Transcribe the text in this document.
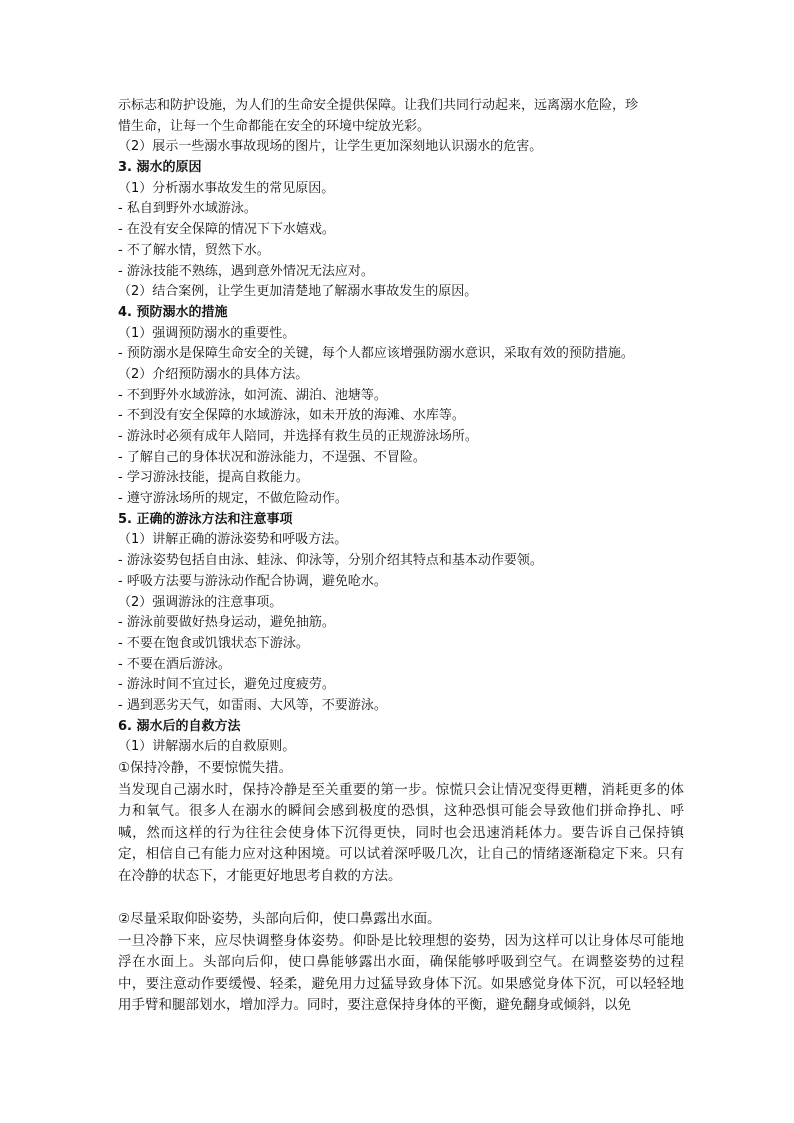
示标志和防护设施，为人们的生命安全提供保障。让我们共同行动起来，远离溺水危险，珍
惜生命，让每一个生命都能在安全的环境中绽放光彩。
（2）展示一些溺水事故现场的图片，让学生更加深刻地认识溺水的危害。
3. 溺水的原因
（1）分析溺水事故发生的常见原因。
- 私自到野外水域游泳。
- 在没有安全保障的情况下下水嬉戏。
- 不了解水情，贸然下水。
- 游泳技能不熟练，遇到意外情况无法应对。
（2）结合案例，让学生更加清楚地了解溺水事故发生的原因。
4. 预防溺水的措施
（1）强调预防溺水的重要性。
- 预防溺水是保障生命安全的关键，每个人都应该增强防溺水意识，采取有效的预防措施。
（2）介绍预防溺水的具体方法。
- 不到野外水域游泳，如河流、湖泊、池塘等。
- 不到没有安全保障的水域游泳，如未开放的海滩、水库等。
- 游泳时必须有成年人陪同，并选择有救生员的正规游泳场所。
- 了解自己的身体状况和游泳能力，不逞强、不冒险。
- 学习游泳技能，提高自救能力。
- 遵守游泳场所的规定，不做危险动作。
5. 正确的游泳方法和注意事项
（1）讲解正确的游泳姿势和呼吸方法。
- 游泳姿势包括自由泳、蛙泳、仰泳等，分别介绍其特点和基本动作要领。
- 呼吸方法要与游泳动作配合协调，避免呛水。
（2）强调游泳的注意事项。
- 游泳前要做好热身运动，避免抽筋。
- 不要在饱食或饥饿状态下游泳。
- 不要在酒后游泳。
- 游泳时间不宜过长，避免过度疲劳。
- 遇到恶劣天气，如雷雨、大风等，不要游泳。
6. 溺水后的自救方法
（1）讲解溺水后的自救原则。
①保持冷静，不要惊慌失措。
当发现自己溺水时，保持冷静是至关重要的第一步。惊慌只会让情况变得更糟，消耗更多的体力和氧气。很多人在溺水的瞬间会感到极度的恐惧，这种恐惧可能会导致他们拼命挣扎、呼喊，然而这样的行为往往会使身体下沉得更快，同时也会迅速消耗体力。要告诉自己保持镇定，相信自己有能力应对这种困境。可以试着深呼吸几次，让自己的情绪逐渐稳定下来。只有在冷静的状态下，才能更好地思考自救的方法。
②尽量采取仰卧姿势，头部向后仰，使口鼻露出水面。
一旦冷静下来，应尽快调整身体姿势。仰卧是比较理想的姿势，因为这样可以让身体尽可能地浮在水面上。头部向后仰，使口鼻能够露出水面，确保能够呼吸到空气。在调整姿势的过程中，要注意动作要缓慢、轻柔，避免用力过猛导致身体下沉。如果感觉身体下沉，可以轻轻地用手臂和腿部划水，增加浮力。同时，要注意保持身体的平衡，避免翻身或倾斜，以免
